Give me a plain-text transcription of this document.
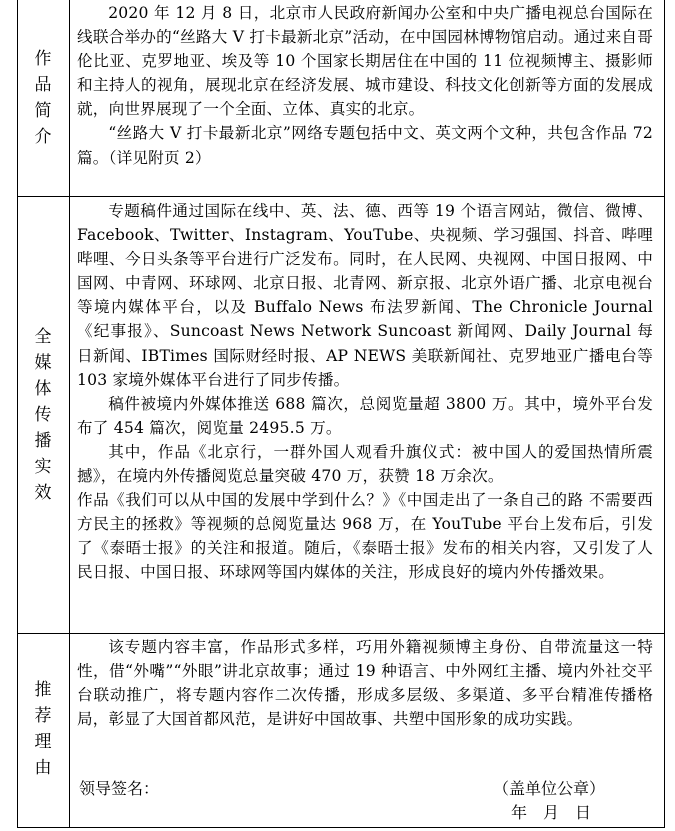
作
品
简
介

2020 年 12 月 8 日，北京市人民政府新闻办公室和中央广播电视总台国际在线联合举办的“丝路大 V 打卡最新北京”活动，在中国园林博物馆启动。通过来自哥伦比亚、克罗地亚、埃及等 10 个国家长期居住在中国的 11 位视频博主、摄影师和主持人的视角，展现北京在经济发展、城市建设、科技文化创新等方面的发展成就，向世界展现了一个全面、立体、真实的北京。

“丝路大 V 打卡最新北京”网络专题包括中文、英文两个文种，共包含作品 72 篇。（详见附页 2）

全
媒
体
传
播
实
效

专题稿件通过国际在线中、英、法、德、西等 19 个语言网站，微信、微博、Facebook、Twitter、Instagram、YouTube、央视频、学习强国、抖音、哔哩哔哩、今日头条等平台进行广泛发布。同时，在人民网、央视网、中国日报网、中国网、中青网、环球网、北京日报、北青网、新京报、北京外语广播、北京电视台等境内媒体平台，以及 Buffalo News 布法罗新闻、The Chronicle Journal《纪事报》、Suncoast News Network Suncoast 新闻网、Daily Journal 每日新闻、IBTimes 国际财经时报、AP NEWS 美联新闻社、克罗地亚广播电台等 103 家境外媒体平台进行了同步传播。

稿件被境内外媒体推送 688 篇次，总阅览量超 3800 万。其中，境外平台发布了 454 篇次，阅览量 2495.5 万。

其中，作品《北京行，一群外国人观看升旗仪式：被中国人的爱国热情所震撼》，在境内外传播阅览总量突破 470 万，获赞 18 万余次。

作品《我们可以从中国的发展中学到什么？》《中国走出了一条自己的路 不需要西方民主的拯救》等视频的总阅览量达 968 万，在 YouTube 平台上发布后，引发了《泰晤士报》的关注和报道。随后，《泰晤士报》发布的相关内容，又引发了人民日报、中国日报、环球网等国内媒体的关注，形成良好的境内外传播效果。

推
荐
理
由

该专题内容丰富，作品形式多样，巧用外籍视频博主身份、自带流量这一特性，借“外嘴”“外眼”讲北京故事；通过 19 种语言、中外网红主播、境内外社交平台联动推广，将专题内容作二次传播，形成多层级、多渠道、多平台精准传播格局，彰显了大国首都风范，是讲好中国故事、共塑中国形象的成功实践。

领导签名：	（盖单位公章）
年　月　日
